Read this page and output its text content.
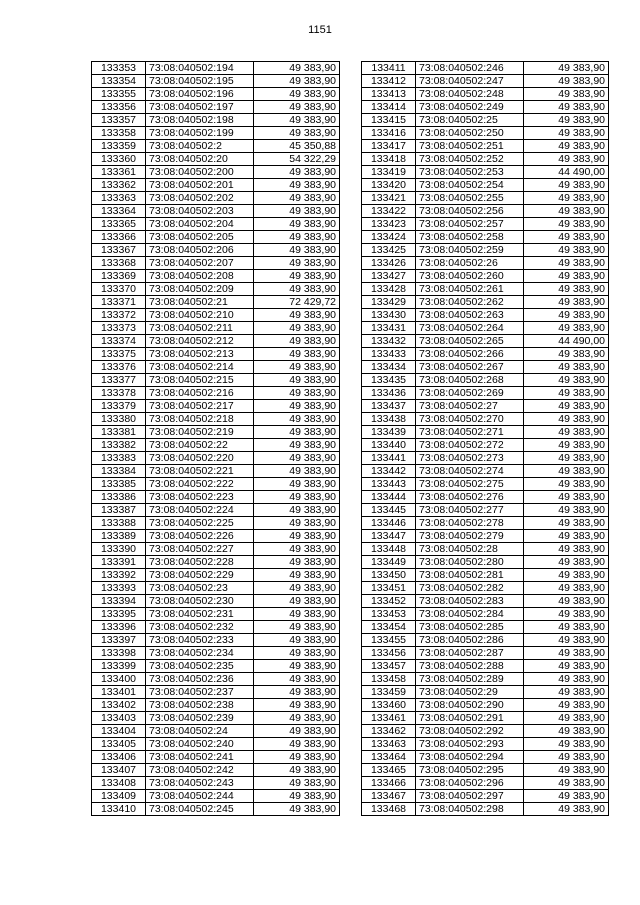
1151
133353	73:08:040502:194	49 383,90
133354	73:08:040502:195	49 383,90
133355	73:08:040502:196	49 383,90
133356	73:08:040502:197	49 383,90
133357	73:08:040502:198	49 383,90
133358	73:08:040502:199	49 383,90
133359	73:08:040502:2	45 350,88
133360	73:08:040502:20	54 322,29
133361	73:08:040502:200	49 383,90
133362	73:08:040502:201	49 383,90
133363	73:08:040502:202	49 383,90
133364	73:08:040502:203	49 383,90
133365	73:08:040502:204	49 383,90
133366	73:08:040502:205	49 383,90
133367	73:08:040502:206	49 383,90
133368	73:08:040502:207	49 383,90
133369	73:08:040502:208	49 383,90
133370	73:08:040502:209	49 383,90
133371	73:08:040502:21	72 429,72
133372	73:08:040502:210	49 383,90
133373	73:08:040502:211	49 383,90
133374	73:08:040502:212	49 383,90
133375	73:08:040502:213	49 383,90
133376	73:08:040502:214	49 383,90
133377	73:08:040502:215	49 383,90
133378	73:08:040502:216	49 383,90
133379	73:08:040502:217	49 383,90
133380	73:08:040502:218	49 383,90
133381	73:08:040502:219	49 383,90
133382	73:08:040502:22	49 383,90
133383	73:08:040502:220	49 383,90
133384	73:08:040502:221	49 383,90
133385	73:08:040502:222	49 383,90
133386	73:08:040502:223	49 383,90
133387	73:08:040502:224	49 383,90
133388	73:08:040502:225	49 383,90
133389	73:08:040502:226	49 383,90
133390	73:08:040502:227	49 383,90
133391	73:08:040502:228	49 383,90
133392	73:08:040502:229	49 383,90
133393	73:08:040502:23	49 383,90
133394	73:08:040502:230	49 383,90
133395	73:08:040502:231	49 383,90
133396	73:08:040502:232	49 383,90
133397	73:08:040502:233	49 383,90
133398	73:08:040502:234	49 383,90
133399	73:08:040502:235	49 383,90
133400	73:08:040502:236	49 383,90
133401	73:08:040502:237	49 383,90
133402	73:08:040502:238	49 383,90
133403	73:08:040502:239	49 383,90
133404	73:08:040502:24	49 383,90
133405	73:08:040502:240	49 383,90
133406	73:08:040502:241	49 383,90
133407	73:08:040502:242	49 383,90
133408	73:08:040502:243	49 383,90
133409	73:08:040502:244	49 383,90
133410	73:08:040502:245	49 383,90
133411	73:08:040502:246	49 383,90
133412	73:08:040502:247	49 383,90
133413	73:08:040502:248	49 383,90
133414	73:08:040502:249	49 383,90
133415	73:08:040502:25	49 383,90
133416	73:08:040502:250	49 383,90
133417	73:08:040502:251	49 383,90
133418	73:08:040502:252	49 383,90
133419	73:08:040502:253	44 490,00
133420	73:08:040502:254	49 383,90
133421	73:08:040502:255	49 383,90
133422	73:08:040502:256	49 383,90
133423	73:08:040502:257	49 383,90
133424	73:08:040502:258	49 383,90
133425	73:08:040502:259	49 383,90
133426	73:08:040502:26	49 383,90
133427	73:08:040502:260	49 383,90
133428	73:08:040502:261	49 383,90
133429	73:08:040502:262	49 383,90
133430	73:08:040502:263	49 383,90
133431	73:08:040502:264	49 383,90
133432	73:08:040502:265	44 490,00
133433	73:08:040502:266	49 383,90
133434	73:08:040502:267	49 383,90
133435	73:08:040502:268	49 383,90
133436	73:08:040502:269	49 383,90
133437	73:08:040502:27	49 383,90
133438	73:08:040502:270	49 383,90
133439	73:08:040502:271	49 383,90
133440	73:08:040502:272	49 383,90
133441	73:08:040502:273	49 383,90
133442	73:08:040502:274	49 383,90
133443	73:08:040502:275	49 383,90
133444	73:08:040502:276	49 383,90
133445	73:08:040502:277	49 383,90
133446	73:08:040502:278	49 383,90
133447	73:08:040502:279	49 383,90
133448	73:08:040502:28	49 383,90
133449	73:08:040502:280	49 383,90
133450	73:08:040502:281	49 383,90
133451	73:08:040502:282	49 383,90
133452	73:08:040502:283	49 383,90
133453	73:08:040502:284	49 383,90
133454	73:08:040502:285	49 383,90
133455	73:08:040502:286	49 383,90
133456	73:08:040502:287	49 383,90
133457	73:08:040502:288	49 383,90
133458	73:08:040502:289	49 383,90
133459	73:08:040502:29	49 383,90
133460	73:08:040502:290	49 383,90
133461	73:08:040502:291	49 383,90
133462	73:08:040502:292	49 383,90
133463	73:08:040502:293	49 383,90
133464	73:08:040502:294	49 383,90
133465	73:08:040502:295	49 383,90
133466	73:08:040502:296	49 383,90
133467	73:08:040502:297	49 383,90
133468	73:08:040502:298	49 383,90
